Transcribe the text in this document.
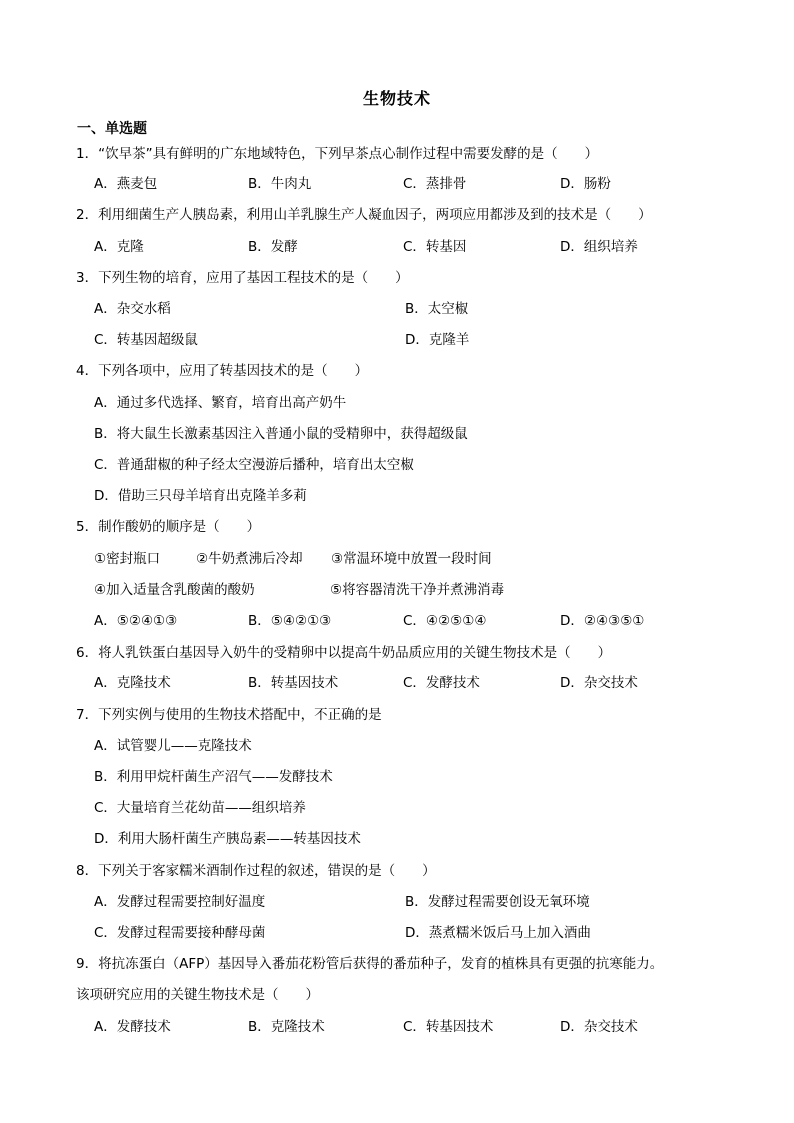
生物技术
一、单选题
1．“饮早茶”具有鲜明的广东地域特色，下列早茶点心制作过程中需要发酵的是（　　）
A．燕麦包	B．牛肉丸	C．蒸排骨	D．肠粉
2．利用细菌生产人胰岛素，利用山羊乳腺生产人凝血因子，两项应用都涉及到的技术是（　　）
A．克隆	B．发酵	C．转基因	D．组织培养
3．下列生物的培育，应用了基因工程技术的是（　　）
A．杂交水稻	B．太空椒
C．转基因超级鼠	D．克隆羊
4．下列各项中，应用了转基因技术的是（　　）
A．通过多代选择、繁育，培育出高产奶牛
B．将大鼠生长激素基因注入普通小鼠的受精卵中，获得超级鼠
C．普通甜椒的种子经太空漫游后播种，培育出太空椒
D．借助三只母羊培育出克隆羊多莉
5．制作酸奶的顺序是（　　）
①密封瓶口	②牛奶煮沸后冷却 ③常温环境中放置一段时间
④加入适量含乳酸菌的酸奶	⑤将容器清洗干净并煮沸消毒
A．⑤②④①③	B．⑤④②①③	C．④②⑤①④	D．②④③⑤①
6．将人乳铁蛋白基因导入奶牛的受精卵中以提高牛奶品质应用的关键生物技术是（　　）
A．克隆技术	B．转基因技术	C．发酵技术	D．杂交技术
7．下列实例与使用的生物技术搭配中，不正确的是
A．试管婴儿——克隆技术
B．利用甲烷杆菌生产沼气——发酵技术
C．大量培育兰花幼苗——组织培养
D．利用大肠杆菌生产胰岛素——转基因技术
8．下列关于客家糯米酒制作过程的叙述，错误的是（　　）
A．发酵过程需要控制好温度	B．发酵过程需要创设无氧环境
C．发酵过程需要接种酵母菌	D．蒸煮糯米饭后马上加入酒曲
9．将抗冻蛋白（AFP）基因导入番茄花粉管后获得的番茄种子，发育的植株具有更强的抗寒能力。
该项研究应用的关键生物技术是（　　）
A．发酵技术	B．克隆技术	C．转基因技术	D．杂交技术
